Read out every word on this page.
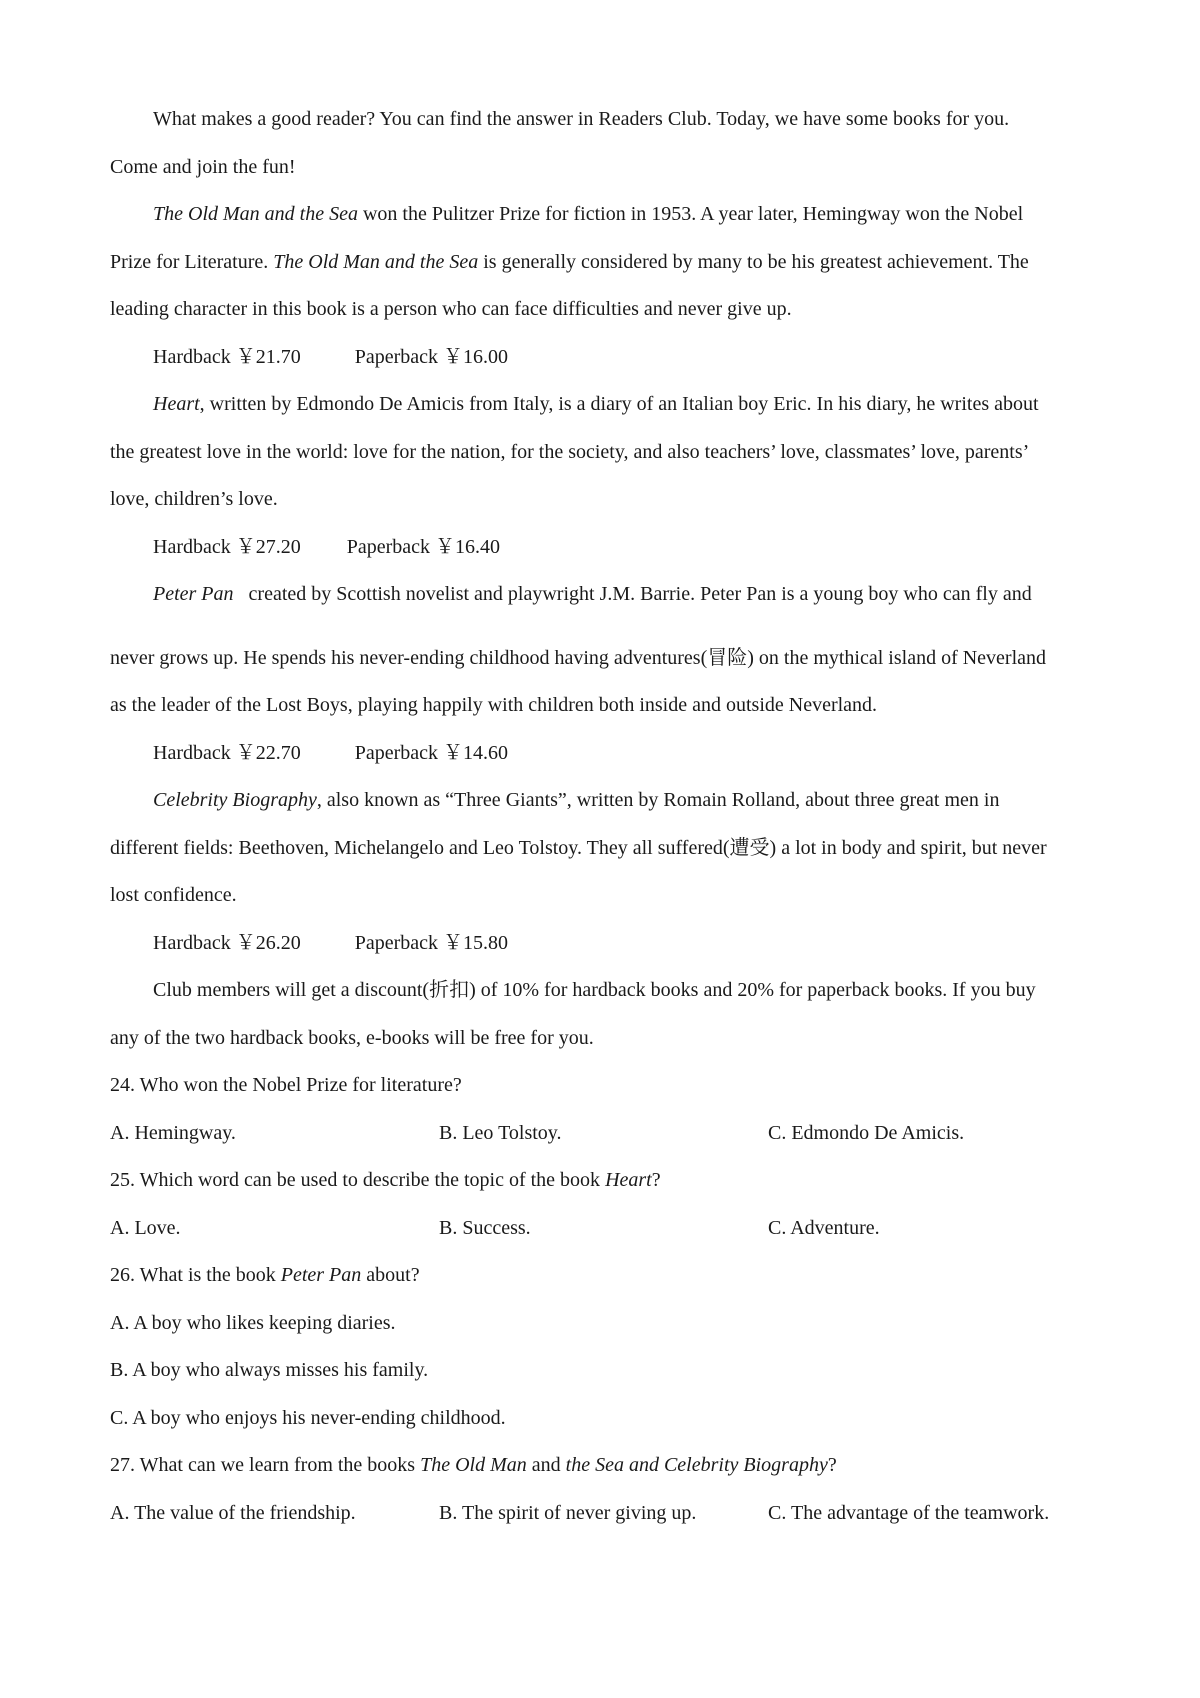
What makes a good reader? You can find the answer in Readers Club. Today, we have some books for you.
Come and join the fun!
The Old Man and the Sea won the Pulitzer Prize for fiction in 1953. A year later, Hemingway won the Nobel
Prize for Literature. The Old Man and the Sea is generally considered by many to be his greatest achievement. The
leading character in this book is a person who can face difficulties and never give up.
Hardback ￥21.70	Paperback ￥16.00
Heart, written by Edmondo De Amicis from Italy, is a diary of an Italian boy Eric. In his diary, he writes about
the greatest love in the world: love for the nation, for the society, and also teachers’ love, classmates’ love, parents’
love, children’s love.
Hardback ￥27.20 Paperback ￥16.40
Peter Pan   created by Scottish novelist and playwright J.M. Barrie. Peter Pan is a young boy who can fly and
never grows up. He spends his never-ending childhood having adventures(冒险) on the mythical island of Neverland
as the leader of the Lost Boys, playing happily with children both inside and outside Neverland.
Hardback ￥22.70	Paperback ￥14.60
Celebrity Biography, also known as “Three Giants”, written by Romain Rolland, about three great men in
different fields: Beethoven, Michelangelo and Leo Tolstoy. They all suffered(遭受) a lot in body and spirit, but never
lost confidence.
Hardback ￥26.20	Paperback ￥15.80
Club members will get a discount(折扣) of 10% for hardback books and 20% for paperback books. If you buy
any of the two hardback books, e-books will be free for you.
24. Who won the Nobel Prize for literature?
A. Hemingway.	B. Leo Tolstoy.	C. Edmondo De Amicis.
25. Which word can be used to describe the topic of the book Heart?
A. Love.	B. Success.	C. Adventure.
26. What is the book Peter Pan about?
A. A boy who likes keeping diaries.
B. A boy who always misses his family.
C. A boy who enjoys his never-ending childhood.
27. What can we learn from the books The Old Man and the Sea and Celebrity Biography?
A. The value of the friendship.	B. The spirit of never giving up.	C. The advantage of the teamwork.
